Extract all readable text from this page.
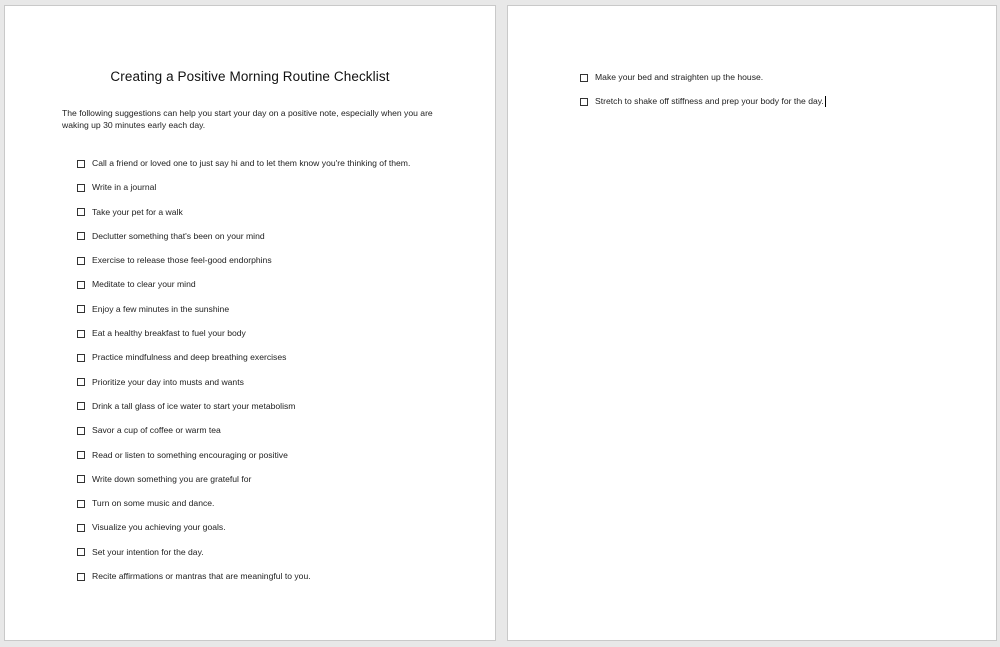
Creating a Positive Morning Routine Checklist
The following suggestions can help you start your day on a positive note, especially when you are waking up 30 minutes early each day.
Call a friend or loved one to just say hi and to let them know you're thinking of them.
Write in a journal
Take your pet for a walk
Declutter something that's been on your mind
Exercise to release those feel-good endorphins
Meditate to clear your mind
Enjoy a few minutes in the sunshine
Eat a healthy breakfast to fuel your body
Practice mindfulness and deep breathing exercises
Prioritize your day into musts and wants
Drink a tall glass of ice water to start your metabolism
Savor a cup of coffee or warm tea
Read or listen to something encouraging or positive
Write down something you are grateful for
Turn on some music and dance.
Visualize you achieving your goals.
Set your intention for the day.
Recite affirmations or mantras that are meaningful to you.
Make your bed and straighten up the house.
Stretch to shake off stiffness and prep your body for the day.
